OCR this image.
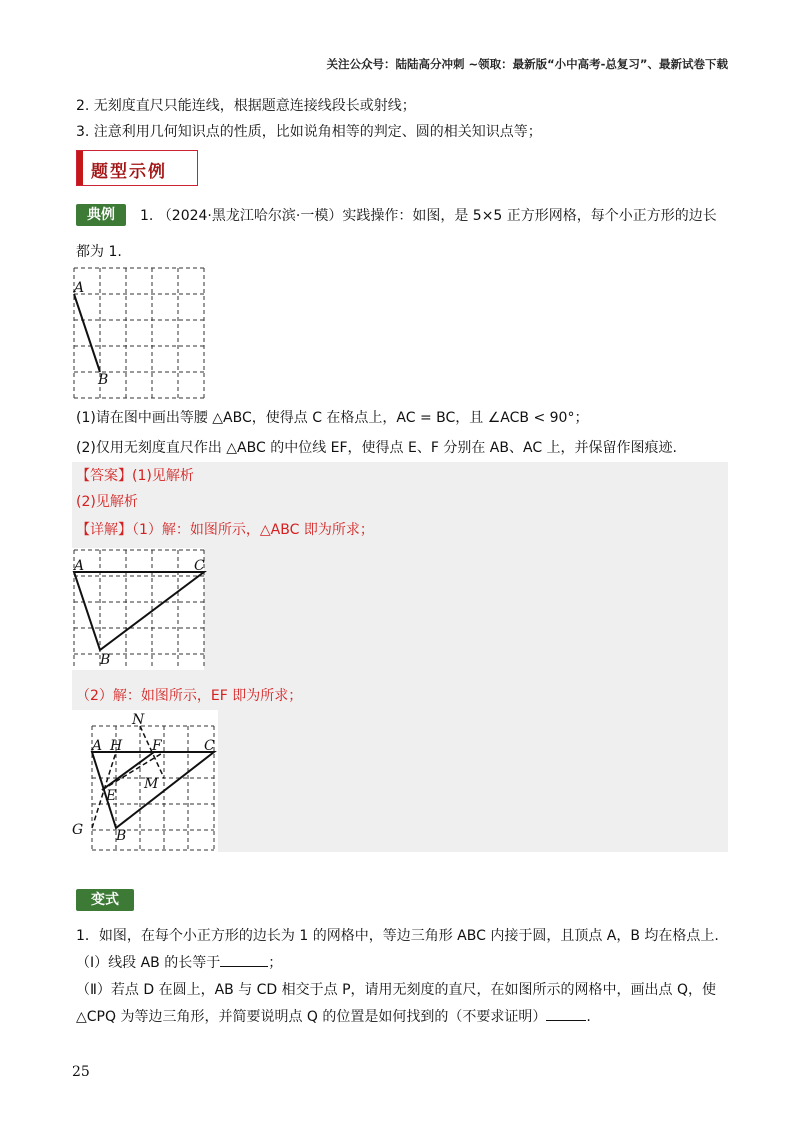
关注公众号：陆陆高分冲刺 ~领取：最新版“小中高考-总复习”、最新试卷下载
2. 无刻度直尺只能连线，根据题意连接线段长或射线；
3. 注意利用几何知识点的性质，比如说角相等的判定、圆的相关知识点等；
题型示例
典例	1. （2024·黑龙江哈尔滨·一模）实践操作：如图，是 5×5 正方形网格，每个小正方形的边长
都为 1.
A
B
(1)请在图中画出等腰 △ABC，使得点 C 在格点上，AC = BC，且 ∠ACB < 90°；
(2)仅用无刻度直尺作出 △ABC 的中位线 EF，使得点 E、F 分别在 AB、AC 上，并保留作图痕迹.
【答案】(1)见解析
(2)见解析
【详解】（1）解：如图所示，△ABC 即为所求；
A	C
B
（2）解：如图所示，EF 即为所求；
A H F	C
N
M
E
G B
变式
1．如图，在每个小正方形的边长为 1 的网格中，等边三角形 ABC 内接于圆，且顶点 A，B 均在格点上.
（Ⅰ）线段 AB 的长等于	；
（Ⅱ）若点 D 在圆上，AB 与 CD 相交于点 P，请用无刻度的直尺，在如图所示的网格中，画出点 Q，使
△CPQ 为等边三角形，并简要说明点 Q 的位置是如何找到的（不要求证明）	.
25
